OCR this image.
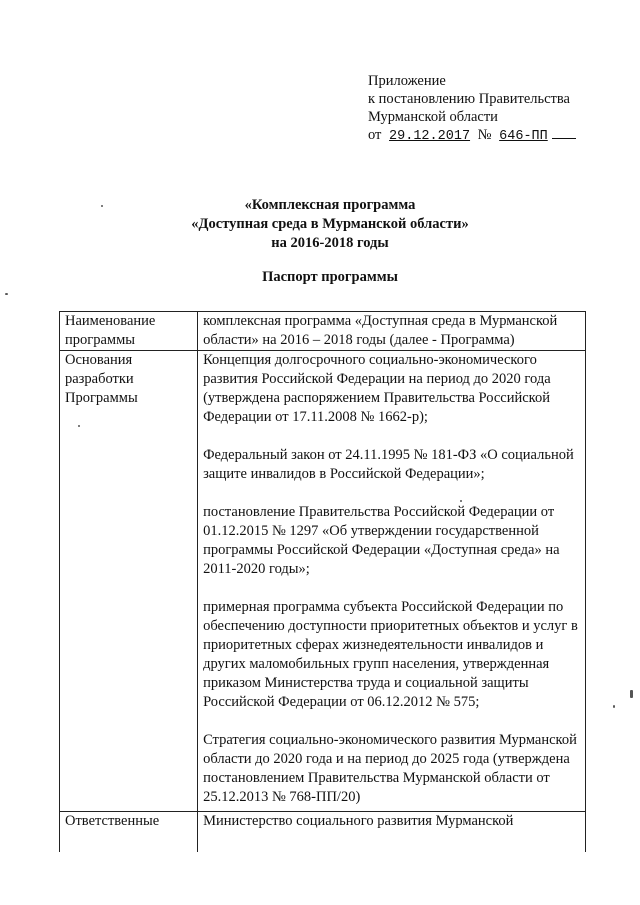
Приложение
к постановлению Правительства
Мурманской области
от 29.12.2017 № 646-ПП
«Комплексная программа
«Доступная среда в Мурманской области»
на 2016-2018 годы
Паспорт программы
Наименование программы	комплексная программа «Доступная среда в Мурманской области» на 2016 – 2018 годы (далее - Программа)

Основания разработки Программы	Концепция долгосрочного социально-экономического развития Российской Федерации на период до 2020 года (утверждена распоряжением Правительства Российской Федерации от 17.11.2008 № 1662-р);
Федеральный закон от 24.11.1995 № 181-ФЗ «О социальной защите инвалидов в Российской Федерации»;
постановление Правительства Российской Федерации от 01.12.2015 № 1297 «Об утверждении государственной программы Российской Федерации «Доступная среда» на 2011-2020 годы»;
примерная программа субъекта Российской Федерации по обеспечению доступности приоритетных объектов и услуг в приоритетных сферах жизнедеятельности инвалидов и других маломобильных групп населения, утвержденная приказом Министерства труда и социальной защиты Российской Федерации от 06.12.2012 № 575;
Стратегия социально-экономического развития Мурманской области до 2020 года и на период до 2025 года (утверждена постановлением Правительства Мурманской области от 25.12.2013 № 768-ПП/20)

Ответственные	Министерство социального развития Мурманской
